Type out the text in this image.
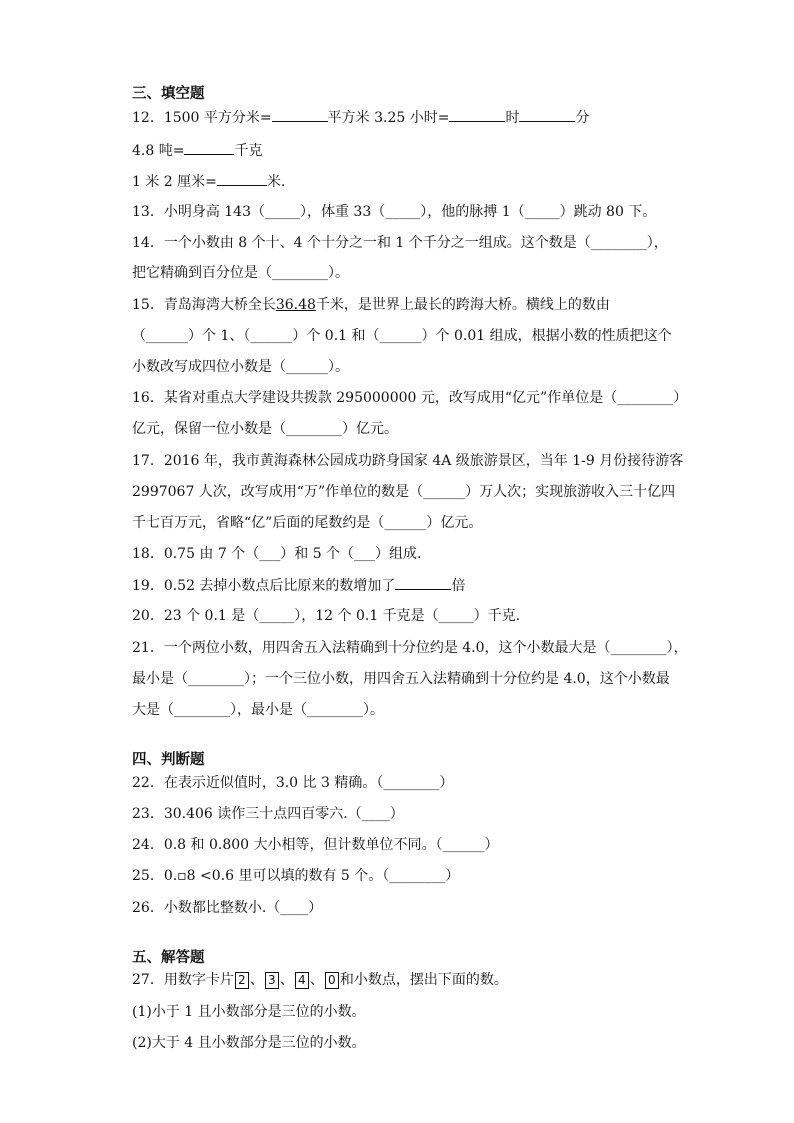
三、填空题
12．1500 平方分米=	平方米 3.25 小时=	时	分
4.8 吨=	千克
1 米 2 厘米=	米.
13．小明身高 143（_____），体重 33（_____），他的脉搏 1（_____）跳动 80 下。
14．一个小数由 8 个十、4 个十分之一和 1 个千分之一组成。这个数是（________），
把它精确到百分位是（________）。
15．青岛海湾大桥全长36.48千米，是世界上最长的跨海大桥。横线上的数由
（______）个 1、（______）个 0.1 和（______）个 0.01 组成，根据小数的性质把这个
小数改写成四位小数是（______）。
16．某省对重点大学建设共拨款 295000000 元，改写成用“亿元”作单位是（________）
亿元，保留一位小数是（________）亿元。
17．2016 年，我市黄海森林公园成功跻身国家 4A 级旅游景区，当年 1-9 月份接待游客
2997067 人次，改写成用“万”作单位的数是（______）万人次；实现旅游收入三十亿四
千七百万元，省略“亿”后面的尾数约是（______）亿元。
18．0.75 由 7 个（___）和 5 个（___）组成.
19．0.52 去掉小数点后比原来的数增加了	倍
20．23 个 0.1 是（_____），12 个 0.1 千克是（_____）千克.
21．一个两位小数，用四舍五入法精确到十分位约是 4.0，这个小数最大是（________），
最小是（________）；一个三位小数，用四舍五入法精确到十分位约是 4.0，这个小数最
大是（________），最小是（________）。
四、判断题
22．在表示近似值时，3.0 比 3 精确。（________）
23．30.406 读作三十点四百零六.（____）
24．0.8 和 0.800 大小相等，但计数单位不同。（______）
25．0.▫8 <0.6 里可以填的数有 5 个。（________）
26．小数都比整数小.（____）
五、解答题
27．用数字卡片 2 、 3 、 4 、 0 和小数点，摆出下面的数。
(1)小于 1 且小数部分是三位的小数。
(2)大于 4 且小数部分是三位的小数。
